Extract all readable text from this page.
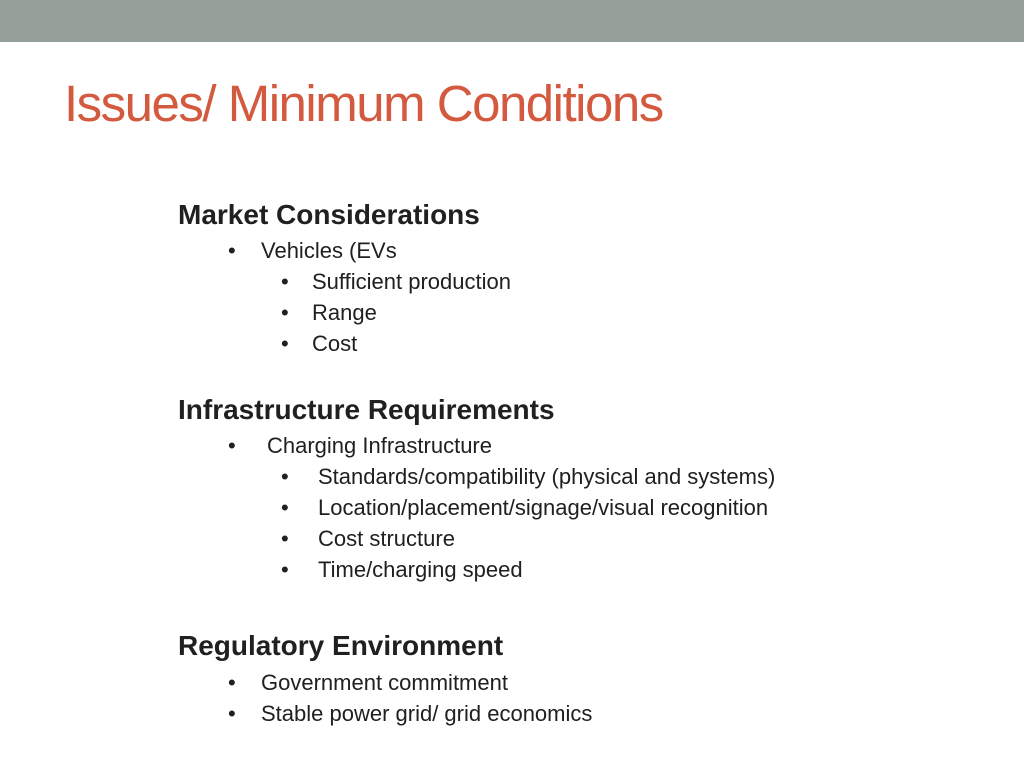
Issues/ Minimum Conditions
Market Considerations
• Vehicles (EVs
• Sufficient production
• Range
• Cost
Infrastructure Requirements
• Charging Infrastructure
• Standards/compatibility (physical and systems)
• Location/placement/signage/visual recognition
• Cost structure
• Time/charging speed
Regulatory Environment
• Government commitment
• Stable power grid/ grid economics
